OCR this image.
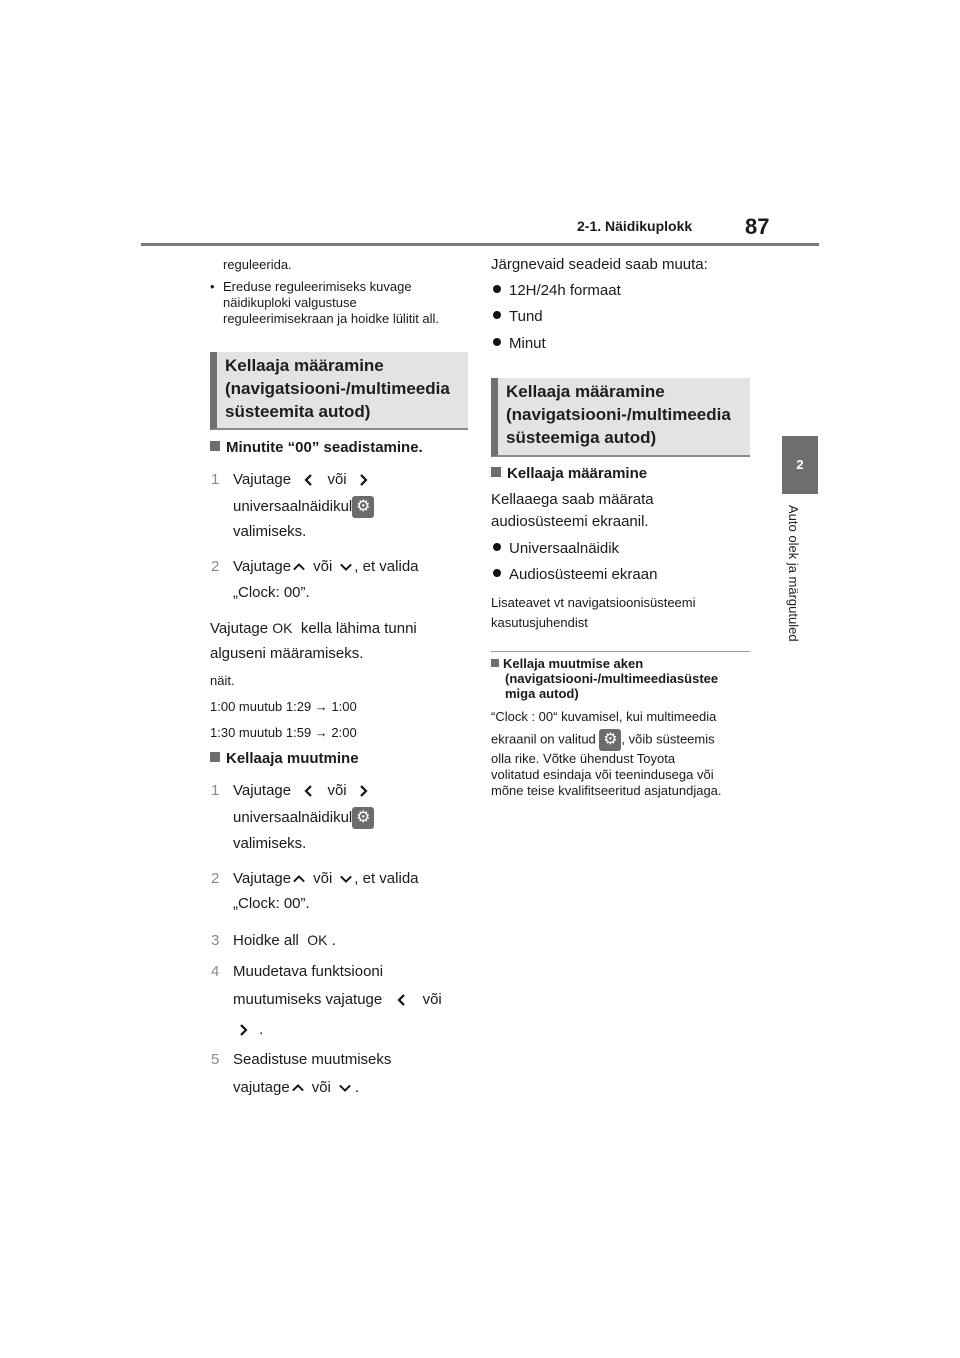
2-1. Näidikuplokk 87
2
Auto olek ja märgutuled
reguleerida.
• Ereduse reguleerimiseks kuvage näidikuploki valgustuse reguleerimisekraan ja hoidke lülitit all.
Kellaaja määramine
(navigatsiooni-/multimeedia
süsteemita autod)
Minutite “00” seadistamine.
1 Vajutage või
universaalnäidikul ⚙
valimiseks.
2 Vajutage või , et valida
„Clock: 00”.
Vajutage OK kella lähima tunni
alguseni määramiseks.
näit.
1:00 muutub 1:29 → 1:00
1:30 muutub 1:59 → 2:00
Kellaaja muutmine
1 Vajutage või
universaalnäidikul ⚙
valimiseks.
2 Vajutage või , et valida
„Clock: 00”.
3 Hoidke all OK .
4 Muudetava funktsiooni
muutumiseks vajatuge	või
.
5 Seadistuse muutmiseks
vajutage või .
Järgnevaid seadeid saab muuta:
12H/24h formaat
Tund
Minut
Kellaaja määramine
(navigatsiooni-/multimeedia
süsteemiga autod)
Kellaaja määramine
Kellaaega saab määrata
audiosüsteemi ekraanil.
Universaalnäidik
Audiosüsteemi ekraan
Lisateavet vt navigatsioonisüsteemi
kasutusjuhendist
Kellaja muutmise aken
(navigatsiooni-/multimeediasüstee
miga autod)
“Clock : 00“ kuvamisel, kui multimeedia
ekraanil on valitud ⚙ , võib süsteemis
olla rike. Võtke ühendust Toyota
volitatud esindaja või teenindusega või
mõne teise kvalifitseeritud asjatundjaga.
